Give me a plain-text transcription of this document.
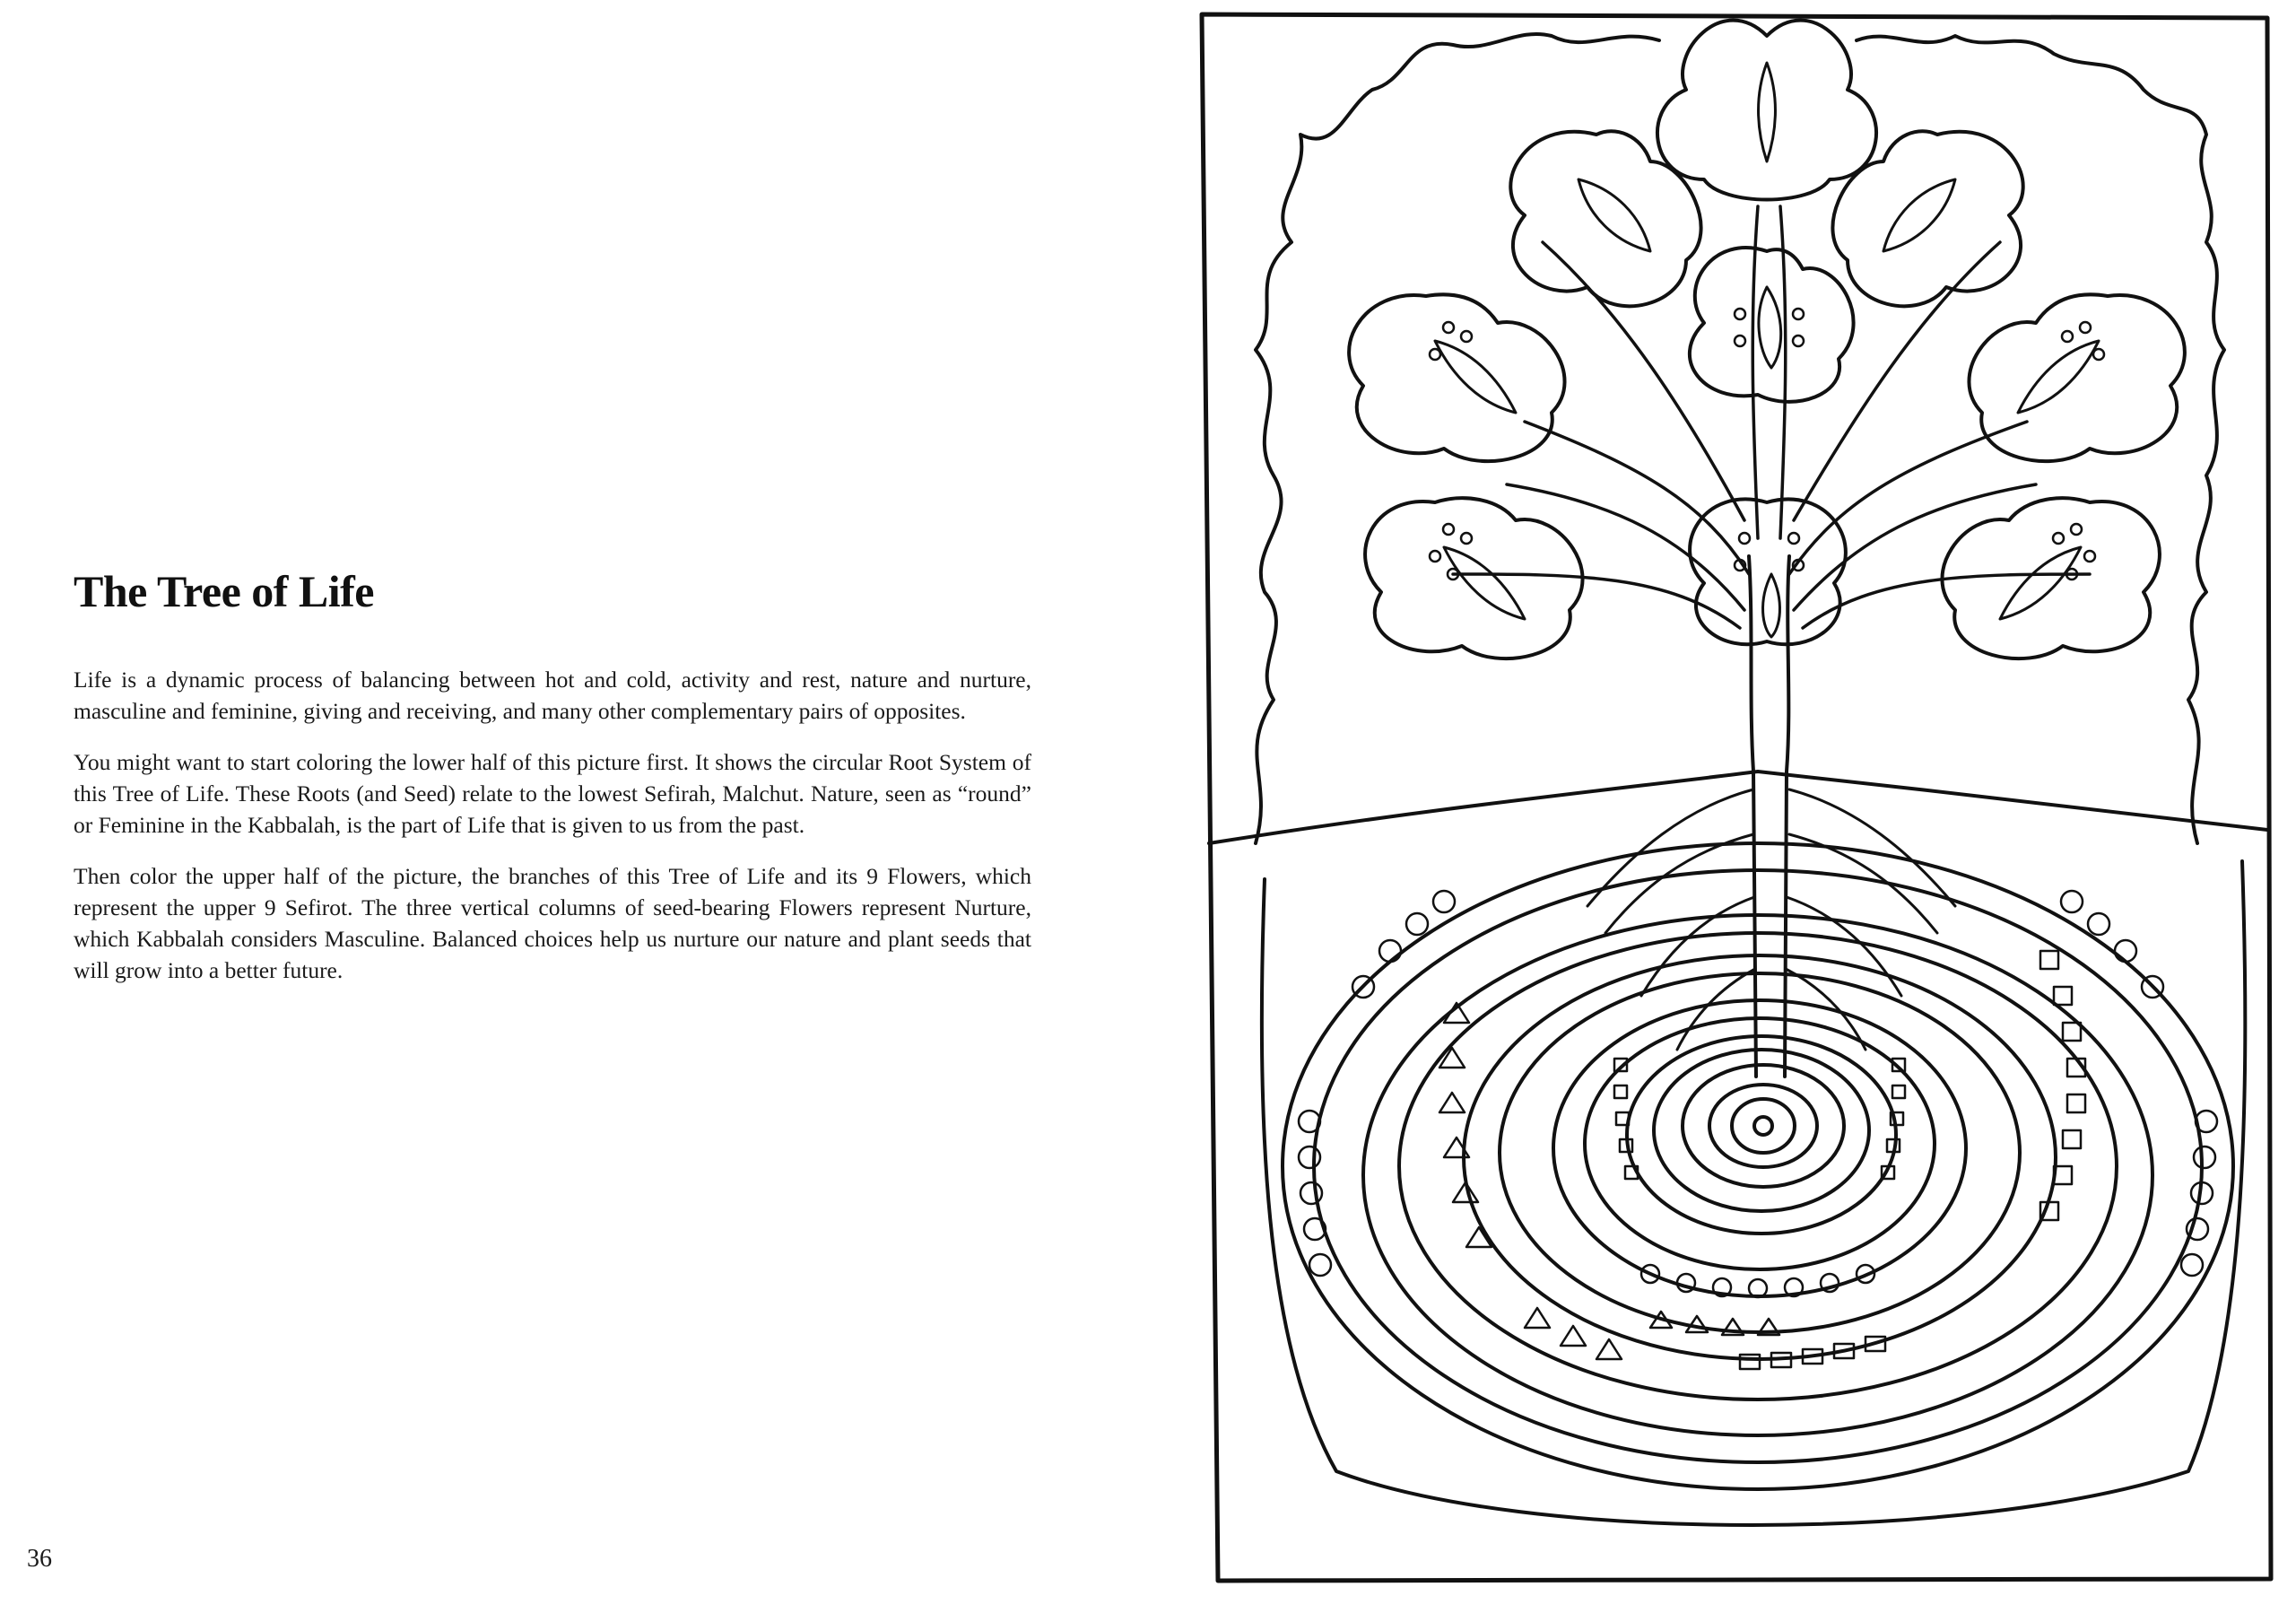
The Tree of Life

Life is a dynamic process of balancing between hot and cold, activity and rest, nature and nurture, masculine and feminine, giving and receiving, and many other complementary pairs of opposites.

You might want to start coloring the lower half of this picture first. It shows the circular Root System of this Tree of Life. These Roots (and Seed) relate to the lowest Sefirah, Malchut. Nature, seen as “round” or Feminine in the Kabbalah, is the part of Life that is given to us from the past.

Then color the upper half of the picture, the branches of this Tree of Life and its 9 Flowers, which represent the upper 9 Sefirot. The three vertical columns of seed-bearing Flowers represent Nurture, which Kabbalah considers Masculine. Balanced choices help us nurture our nature and plant seeds that will grow into a better future.

36
